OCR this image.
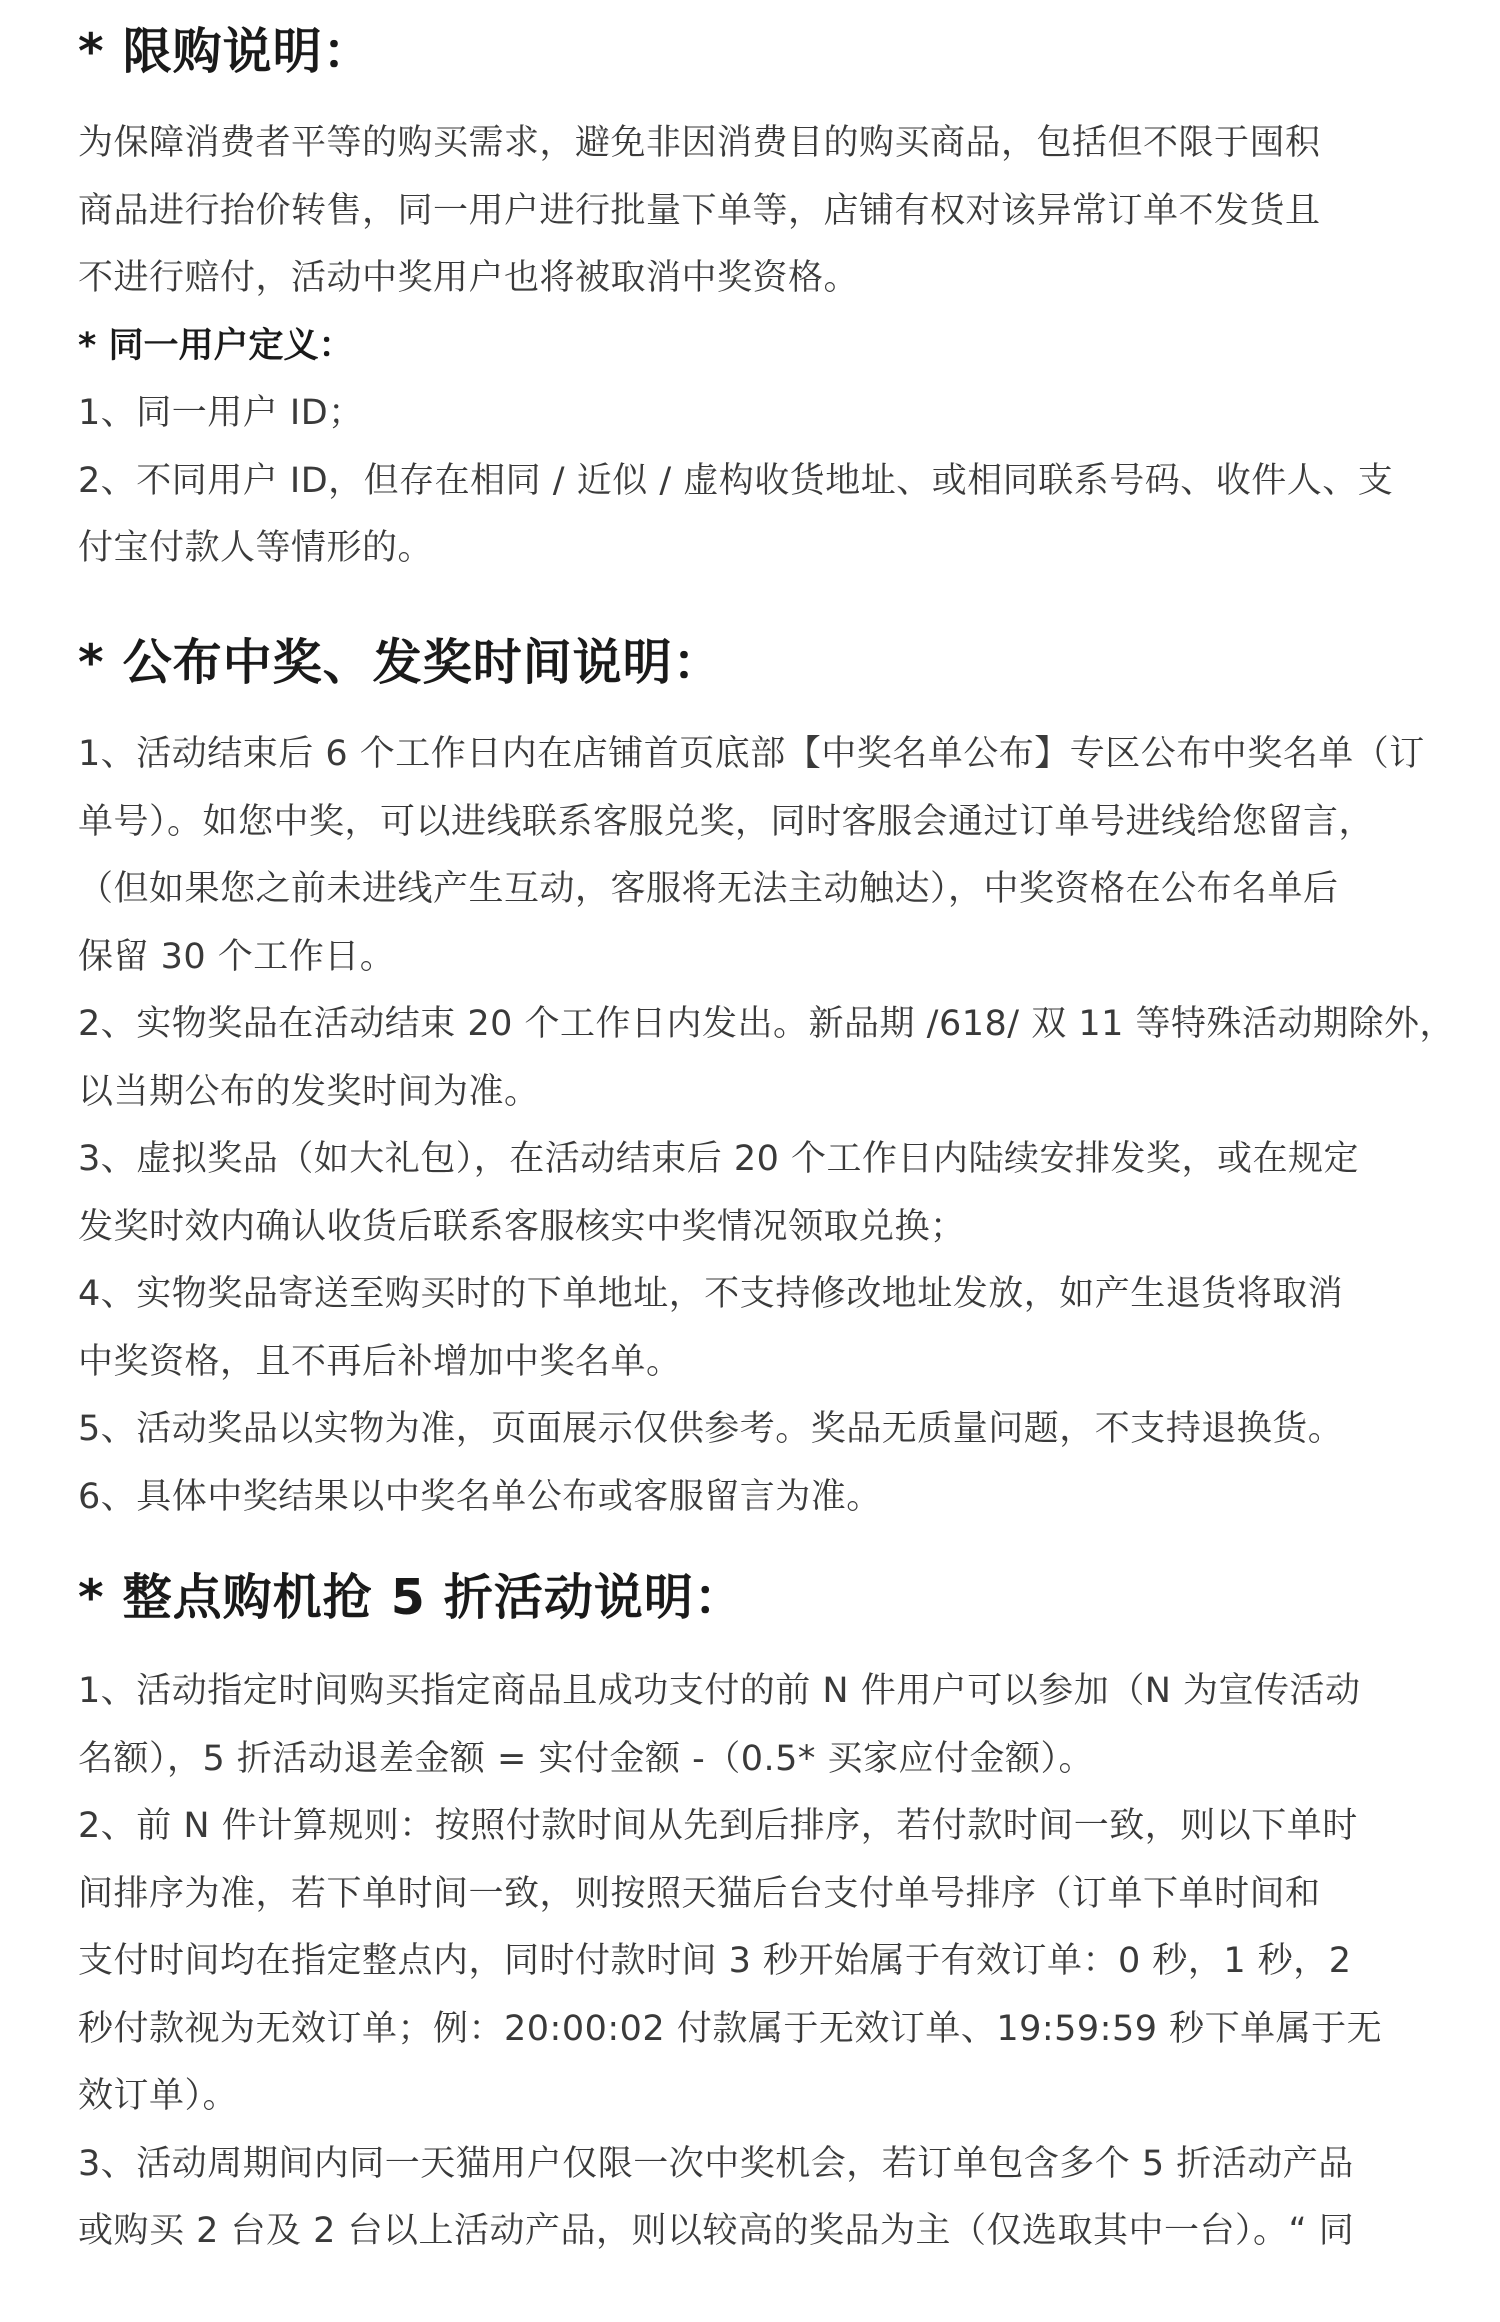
* 限购说明：

为保障消费者平等的购买需求，避免非因消费目的购买商品，包括但不限于囤积

商品进行抬价转售，同一用户进行批量下单等，店铺有权对该异常订单不发货且

不进行赔付，活动中奖用户也将被取消中奖资格。

* 同一用户定义：

1、同一用户 ID；

2、不同用户 ID，但存在相同 / 近似 / 虚构收货地址、或相同联系号码、收件人、支

付宝付款人等情形的。

* 公布中奖、发奖时间说明：

1、活动结束后 6 个工作日内在店铺首页底部【中奖名单公布】专区公布中奖名单（订

单号）。如您中奖，可以进线联系客服兑奖，同时客服会通过订单号进线给您留言，

（但如果您之前未进线产生互动，客服将无法主动触达），中奖资格在公布名单后

保留 30 个工作日。

2、实物奖品在活动结束 20 个工作日内发出。新品期 /618/ 双 11 等特殊活动期除外，

以当期公布的发奖时间为准。

3、虚拟奖品（如大礼包），在活动结束后 20 个工作日内陆续安排发奖，或在规定

发奖时效内确认收货后联系客服核实中奖情况领取兑换；

4、实物奖品寄送至购买时的下单地址，不支持修改地址发放，如产生退货将取消

中奖资格，且不再后补增加中奖名单。

5、活动奖品以实物为准，页面展示仅供参考。奖品无质量问题，不支持退换货。

6、具体中奖结果以中奖名单公布或客服留言为准。

* 整点购机抢 5 折活动说明：

1、活动指定时间购买指定商品且成功支付的前 N 件用户可以参加（N 为宣传活动

名额），5 折活动退差金额 = 实付金额 -（0.5* 买家应付金额）。

2、前 N 件计算规则：按照付款时间从先到后排序，若付款时间一致，则以下单时

间排序为准，若下单时间一致，则按照天猫后台支付单号排序（订单下单时间和

支付时间均在指定整点内，同时付款时间 3 秒开始属于有效订单：0 秒，1 秒，2

秒付款视为无效订单；例：20:00:02 付款属于无效订单、19:59:59 秒下单属于无

效订单）。

3、活动周期间内同一天猫用户仅限一次中奖机会，若订单包含多个 5 折活动产品

或购买 2 台及 2 台以上活动产品，则以较高的奖品为主（仅选取其中一台）。“ 同
